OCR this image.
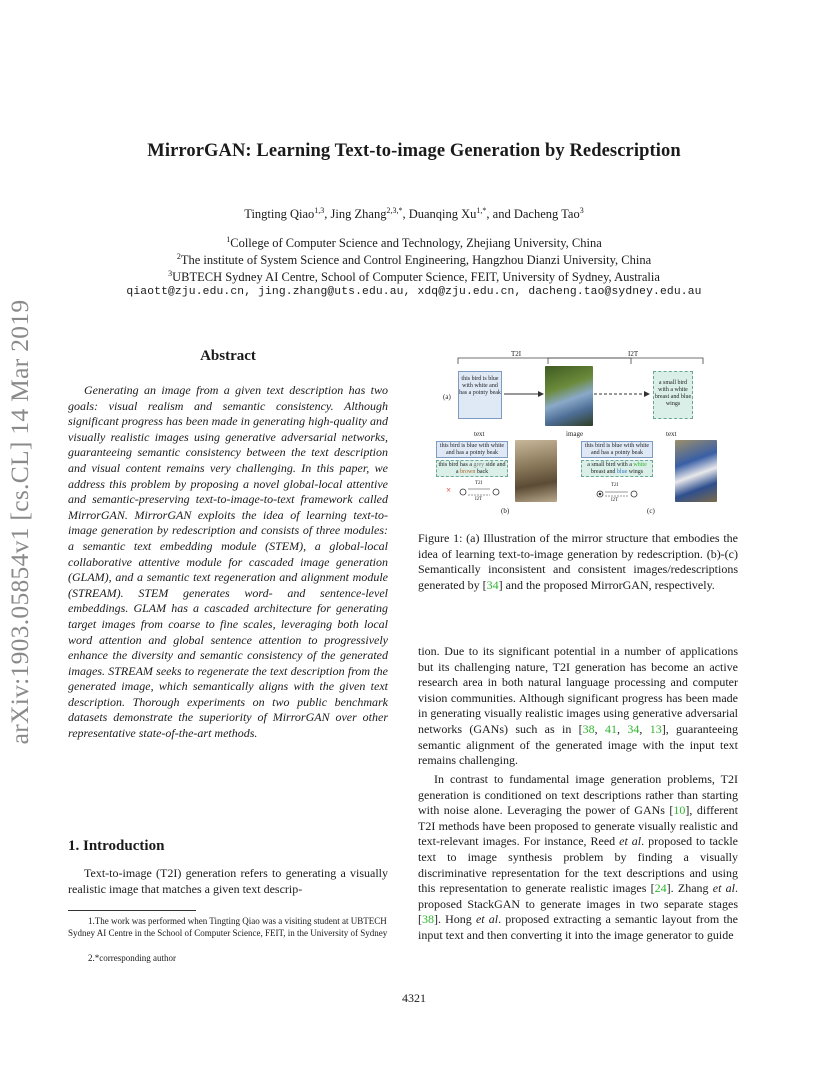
MirrorGAN: Learning Text-to-image Generation by Redescription
Tingting Qiao$^{1,3}$, Jing Zhang$^{2,3,*}$, Duanqing $Xu^{1,*}$, and Dacheng Tao$^3$
$^1$College of Computer Science and Technology, Zhejiang University, China
$^2$The institute of System Science and Control Engineering, Hangzhou Dianzi University, China
$^3$UBTECH Sydney AI Centre, School of Computer Science, FEIT, University of Sydney, Australia
qiaott@zju.edu.cn, jing.zhang@uts.edu.au, xdq@zju.edu.cn, dacheng.tao@sydney.edu.au
arXiv:1903.05854v1 [cs.CL] 14 Mar 2019	Abstract
Generating an image from a given text description has two goals: visual realism and semantic consistency. Although significant progress has been made in generating high-quality and visually realistic images using generative adversarial networks, guaranteeing semantic consistency between the text description and visual content remains very challenging. In this paper, we address this problem by proposing a novel global-local attentive and semantic-preserving text-to-image-to-text framework called MirrorGAN. MirrorGAN exploits the idea of learning text-to-image generation by redescription and consists of three modules: a semantic text embedding module (STEM), a global-local collaborative attentive module for cascaded image generation (GLAM), and a semantic text regeneration and alignment module (STREAM). STEM generates word- and sentence-level embeddings. GLAM has a cascaded architecture for generating target images from coarse to fine scales, leveraging both local word attention and global sentence attention to progressively enhance the diversity and semantic consistency of the generated images. STREAM seeks to regenerate the text description from the generated image, which semantically aligns with the given text description. Thorough experiments on two public benchmark datasets demonstrate the superiority of MirrorGAN over other representative state-of-the-art methods.
1. Introduction
Text-to-image (T2I) generation refers to generating a visually realistic image that matches a given text descrip-
1.The work was performed when Tingting Qiao was a visiting student at UBTECH Sydney AI Centre in the School of Computer Science, FEIT, in the University of Sydney
2.*corresponding author
T2I	I2T
(a)
this bird is blue with white and has a pointy beak
a small bird with a white breast and blue wings
text	image	text
this bird is blue with white and has a pointy beak
this bird has a grey side and a brown back
×
T2I
I2T
(b)
this bird is blue with white and has a pointy beak
a small bird with a white breast and blue wings
T2I
I2T
(c)
Figure 1: (a) Illustration of the mirror structure that embodies the idea of learning text-to-image generation by redescription. (b)-(c) Semantically inconsistent and consistent images/redescriptions generated by [34] and the proposed MirrorGAN, respectively.
tion. Due to its significant potential in a number of applications but its challenging nature, T2I generation has become an active research area in both natural language processing and computer vision communities. Although significant progress has been made in generating visually realistic images using generative adversarial networks (GANs) such as in [38, 41, 34, 13], guaranteeing semantic alignment of the generated image with the input text remains challenging.
In contrast to fundamental image generation problems, T2I generation is conditioned on text descriptions rather than starting with noise alone. Leveraging the power of GANs [10], different T2I methods have been proposed to generate visually realistic and text-relevant images. For instance, Reed et al. proposed to tackle text to image synthesis problem by finding a visually discriminative representation for the text descriptions and using this representation to generate realistic images [24]. Zhang et al. proposed StackGAN to generate images in two separate stages [38]. Hong et al. proposed extracting a semantic layout from the input text and then converting it into the image generator to guide
4321
